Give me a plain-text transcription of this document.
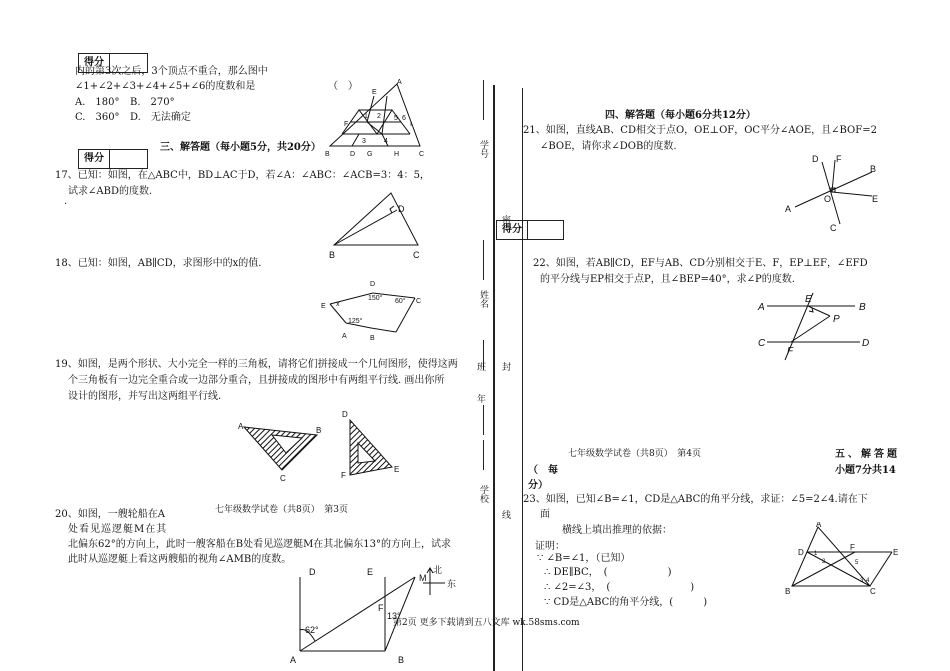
得分
内的第3次之后，3个顶点不重合，那么图中
∠1+∠2+∠3+∠4+∠5+∠6的度数和是	（　）
A.　180° B.　270°
C.　360° D.　无法确定
A
B	C
D
E
F
G	H
I
1 2
3	4
5 6
三、解答题（每小题5分，共20分）
得分
17、已知：如图，在△ABC中，BD⊥AC于D，若∠A：∠ABC：∠ACB=3：4：5，
试求∠ABD的度数.
.
D
B	C
18、已知：如图，AB∥CD，求图形中的x的值.
D
E x
150° 60° C
125°
A	B
19、如图，是两个形状、大小完全一样的三角板，请将它们拼接成一个几何图形，使得这两
个三角板有一边完全重合或一边部分重合，且拼接成的图形中有两组平行线. 画出你所
设计的图形，并写出这两组平行线.
A	B
C
D
E
F
20、如图，一艘轮船在A	七年级数学试卷（共8页）　第3页
处看见巡逻艇M在其
北偏东62°的方向上，此时一艘客船在B处看见巡逻艇M在其北偏东13°的方向上，试求
此时从巡逻艇上看这两艘船的视角∠AMB的度数。
D	E
M
北
东
F
13°
62°
A	B
学号
姓名
班
年
学校
密
封
线
四、解答题（每小题6分共12分）
21、如图，直线AB、CD相交于点O，OE⊥OF，OC平分∠AOE，且∠BOF=2
∠BOE，请你求∠DOB的度数.
D F
B
E
O
A
C
得分
22、如图，若AB∥CD，EF与AB、CD分别相交于E、F，EP⊥EF，∠EFD
的平分线与EP相交于点P，且∠BEP=40°，求∠P的度数.
A	B
E
P
C	D
F
七年级数学试卷（共8页）　第4页	五、解答题
（　每	小题7分共14
分）
23、如图，已知∠B=∠1，CD是△ABC的角平分线，求证：∠5=2∠4.请在下
面
横线上填出推理的依据：
证明：
∵ ∠B=∠1，（已知）
∴ DE∥BC，　(　　　　　　)
∴ ∠2=∠3，　(　　　　　　　　)
∵ CD是△ABC的角平分线，(　　　)
第2页 更多下载请到五八文库 wk.58sms.com
A
D
F
E
B	C
1
2
3 4
5
